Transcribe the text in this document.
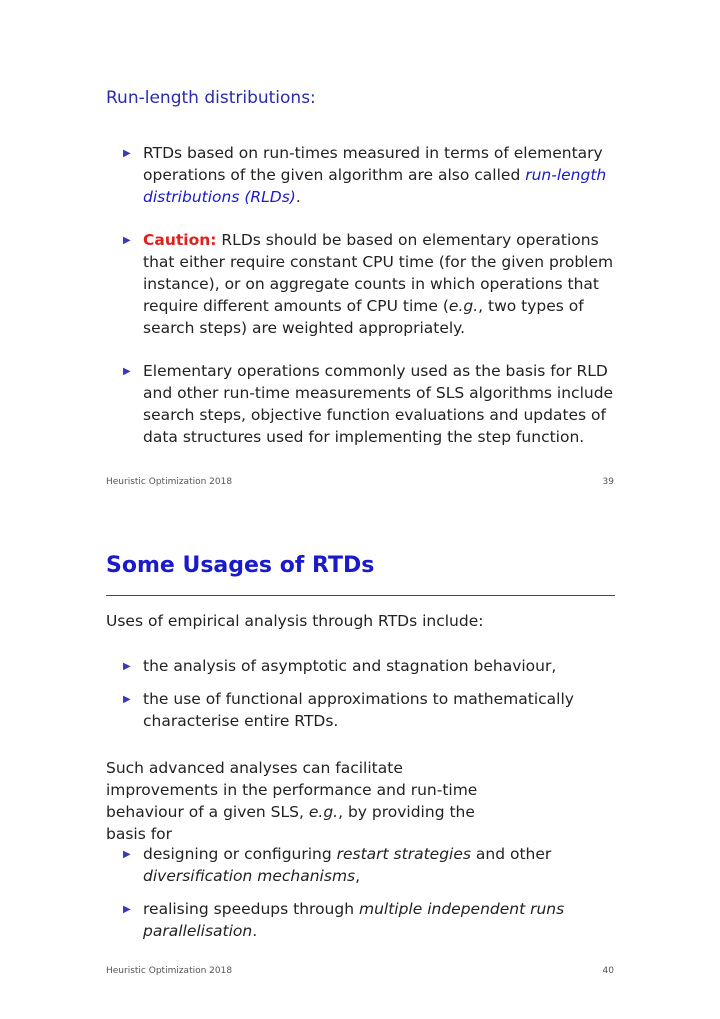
Run-length distributions:
▶ RTDs based on run-times measured in terms of elementary operations of the given algorithm are also called run-length distributions (RLDs).
▶ Caution: RLDs should be based on elementary operations that either require constant CPU time (for the given problem instance), or on aggregate counts in which operations that require different amounts of CPU time (e.g., two types of search steps) are weighted appropriately.
▶ Elementary operations commonly used as the basis for RLD and other run-time measurements of SLS algorithms include search steps, objective function evaluations and updates of data structures used for implementing the step function.
Heuristic Optimization 2018	39
Some Usages of RTDs
Uses of empirical analysis through RTDs include:
▶ the analysis of asymptotic and stagnation behaviour,
▶ the use of functional approximations to mathematically characterise entire RTDs.
Such advanced analyses can facilitate improvements in the performance and run-time behaviour of a given SLS, e.g., by providing the basis for
▶ designing or configuring restart strategies and other diversification mechanisms,
▶ realising speedups through multiple independent runs parallelisation.
Heuristic Optimization 2018	40
